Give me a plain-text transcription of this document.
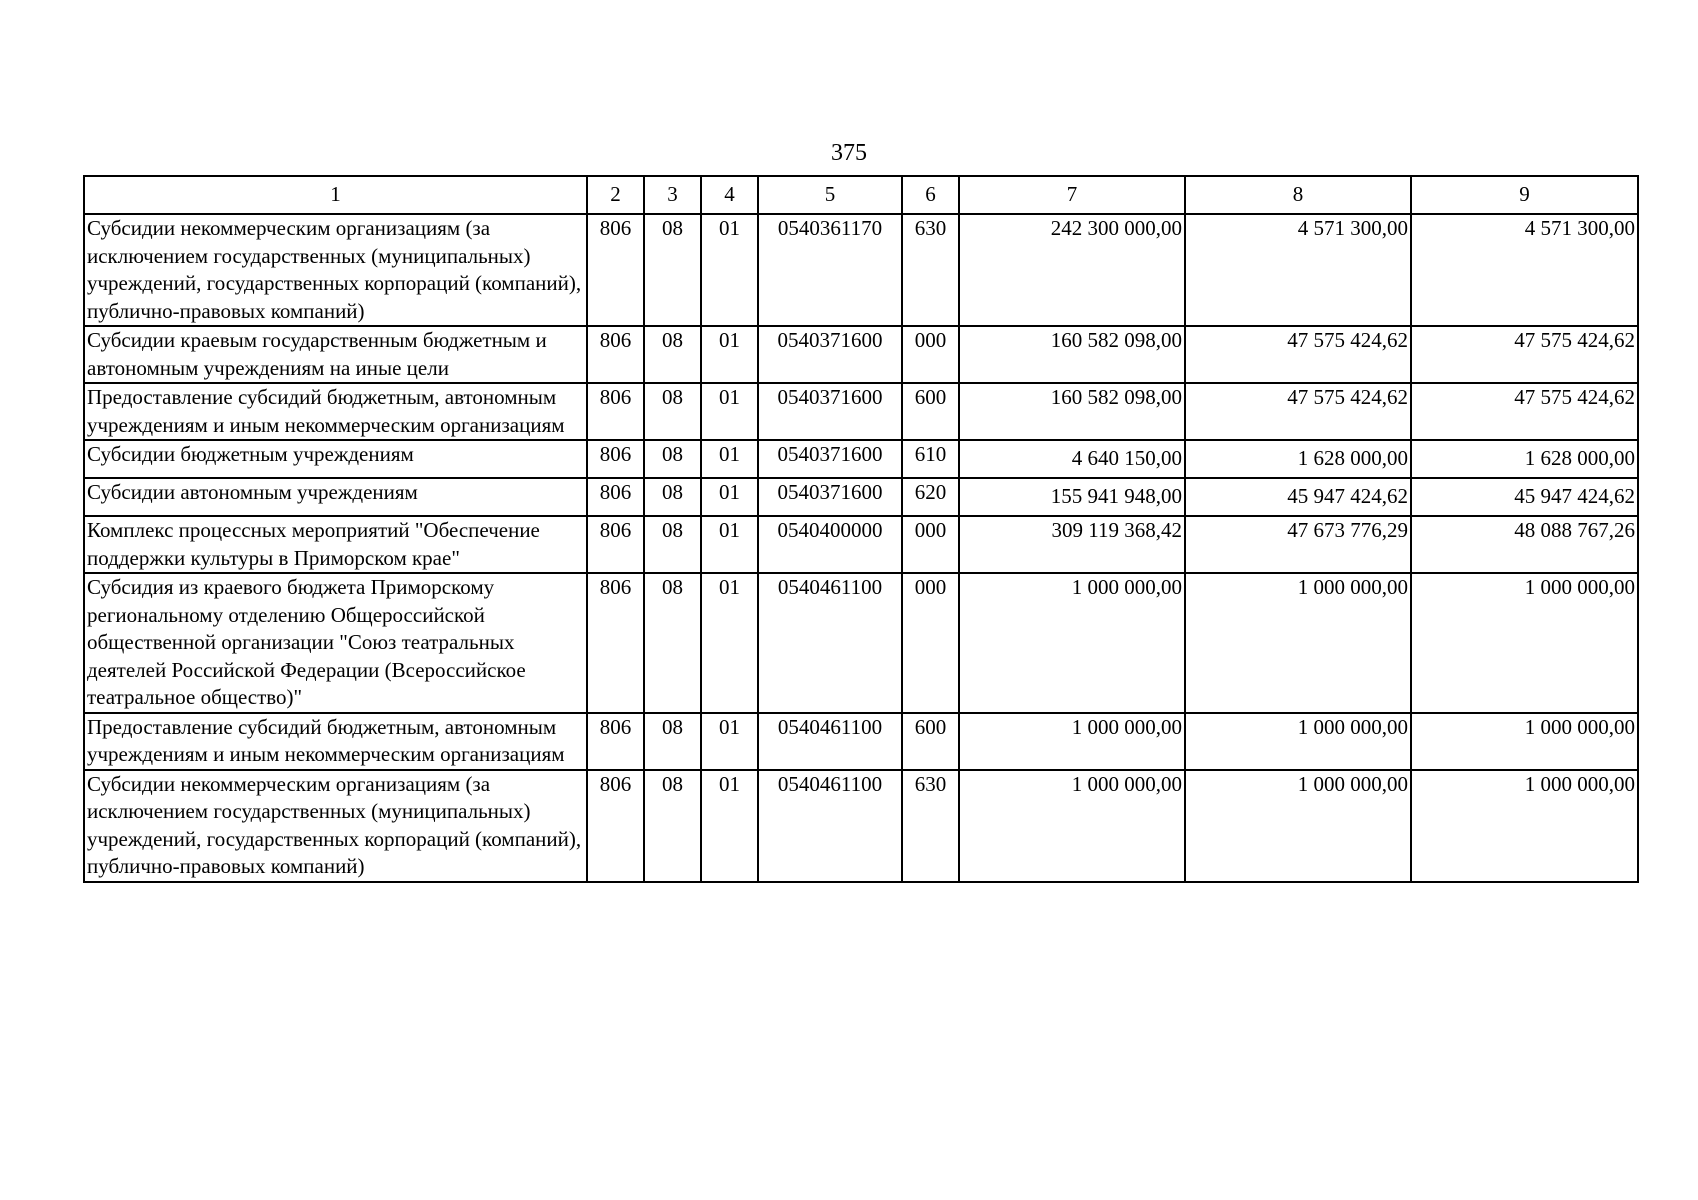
375
1	2	3	4	5	6	7	8	9
Субсидии некоммерческим организациям (за исключением государственных (муниципальных) учреждений, государственных корпораций (компаний), публично-правовых компаний)	806	08	01	0540361170	630	242 300 000,00	4 571 300,00	4 571 300,00
Субсидии краевым государственным бюджетным и автономным учреждениям на иные цели	806	08	01	0540371600	000	160 582 098,00	47 575 424,62	47 575 424,62
Предоставление субсидий бюджетным, автономным учреждениям и иным некоммерческим организациям	806	08	01	0540371600	600	160 582 098,00	47 575 424,62	47 575 424,62
Субсидии бюджетным учреждениям	806	08	01	0540371600	610	4 640 150,00	1 628 000,00	1 628 000,00
Субсидии автономным учреждениям	806	08	01	0540371600	620	155 941 948,00	45 947 424,62	45 947 424,62
Комплекс процессных мероприятий "Обеспечение поддержки культуры в Приморском крае"	806	08	01	0540400000	000	309 119 368,42	47 673 776,29	48 088 767,26
Субсидия из краевого бюджета Приморскому региональному отделению Общероссийской общественной организации "Союз театральных деятелей Российской Федерации (Всероссийское театральное общество)"	806	08	01	0540461100	000	1 000 000,00	1 000 000,00	1 000 000,00
Предоставление субсидий бюджетным, автономным учреждениям и иным некоммерческим организациям	806	08	01	0540461100	600	1 000 000,00	1 000 000,00	1 000 000,00
Субсидии некоммерческим организациям (за исключением государственных (муниципальных) учреждений, государственных корпораций (компаний), публично-правовых компаний)	806	08	01	0540461100	630	1 000 000,00	1 000 000,00	1 000 000,00
